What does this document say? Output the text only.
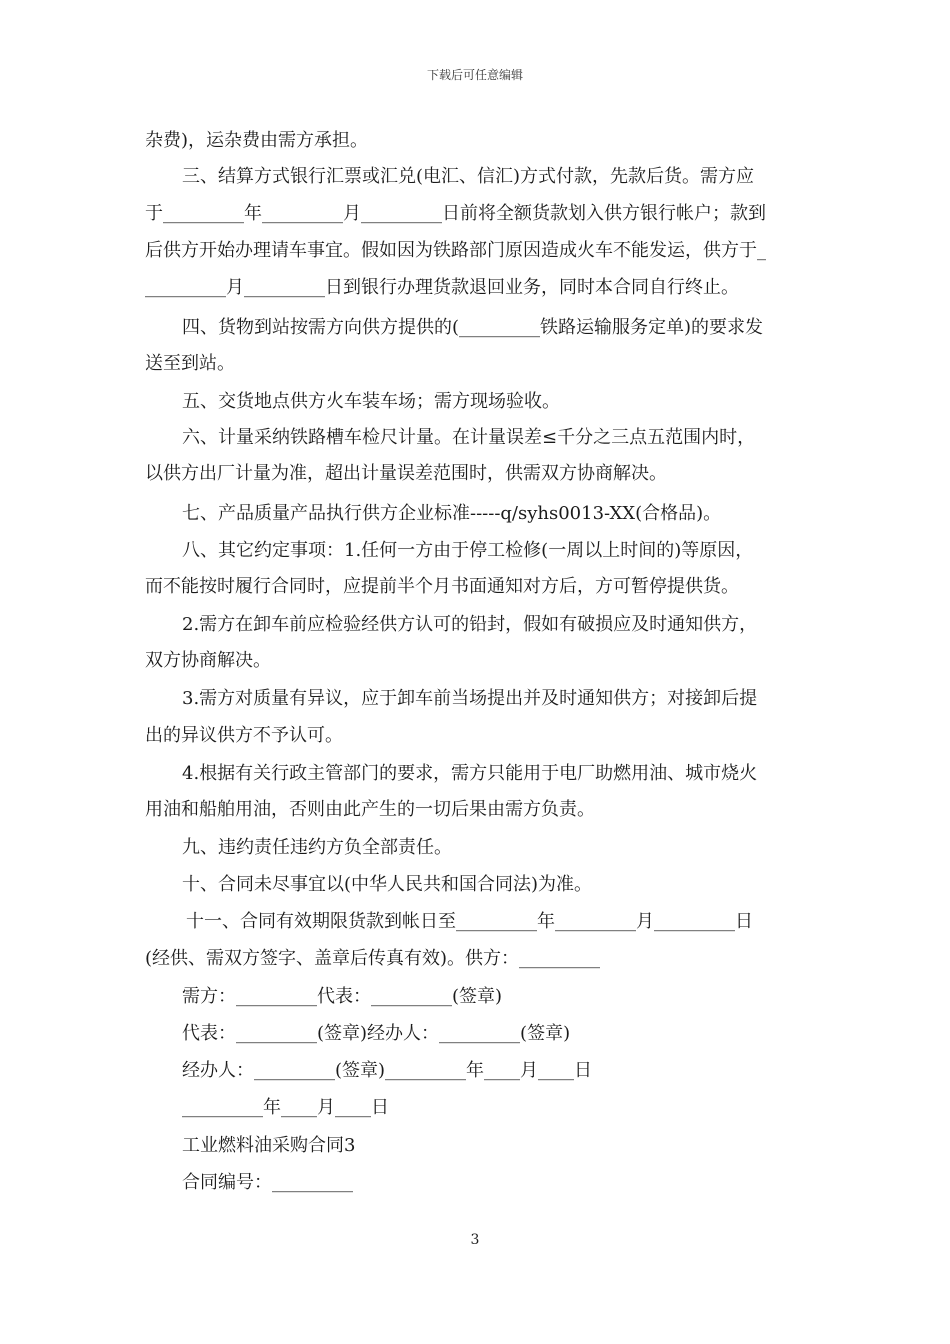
下载后可任意编辑
杂费)，运杂费由需方承担。
三、结算方式银行汇票或汇兑(电汇、信汇)方式付款，先款后货。需方应
于_________年_________月_________日前将全额货款划入供方银行帐户；款到
后供方开始办理请车事宜。假如因为铁路部门原因造成火车不能发运，供方于_
_________月_________日到银行办理货款退回业务，同时本合同自行终止。
四、货物到站按需方向供方提供的(_________铁路运输服务定单)的要求发
送至到站。
五、交货地点供方火车装车场；需方现场验收。
六、计量采纳铁路槽车检尺计量。在计量误差≤千分之三点五范围内时，
以供方出厂计量为准，超出计量误差范围时，供需双方协商解决。
七、产品质量产品执行供方企业标准-----q/syhs0013-XX(合格品)。
八、其它约定事项：1.任何一方由于停工检修(一周以上时间的)等原因，
而不能按时履行合同时，应提前半个月书面通知对方后，方可暂停提供货。
2.需方在卸车前应检验经供方认可的铅封，假如有破损应及时通知供方，
双方协商解决。
3.需方对质量有异议，应于卸车前当场提出并及时通知供方；对接卸后提
出的异议供方不予认可。
4.根据有关行政主管部门的要求，需方只能用于电厂助燃用油、城市烧火
用油和船舶用油，否则由此产生的一切后果由需方负责。
九、违约责任违约方负全部责任。
十、合同未尽事宜以(中华人民共和国合同法)为准。
十一、合同有效期限货款到帐日至_________年_________月_________日
(经供、需双方签字、盖章后传真有效)。供方：_________
需方：_________代表：_________(签章)
代表：_________(签章)经办人：_________(签章)
经办人：_________(签章)_________年____月____日
_________年____月____日
工业燃料油采购合同3
合同编号：_________
3
